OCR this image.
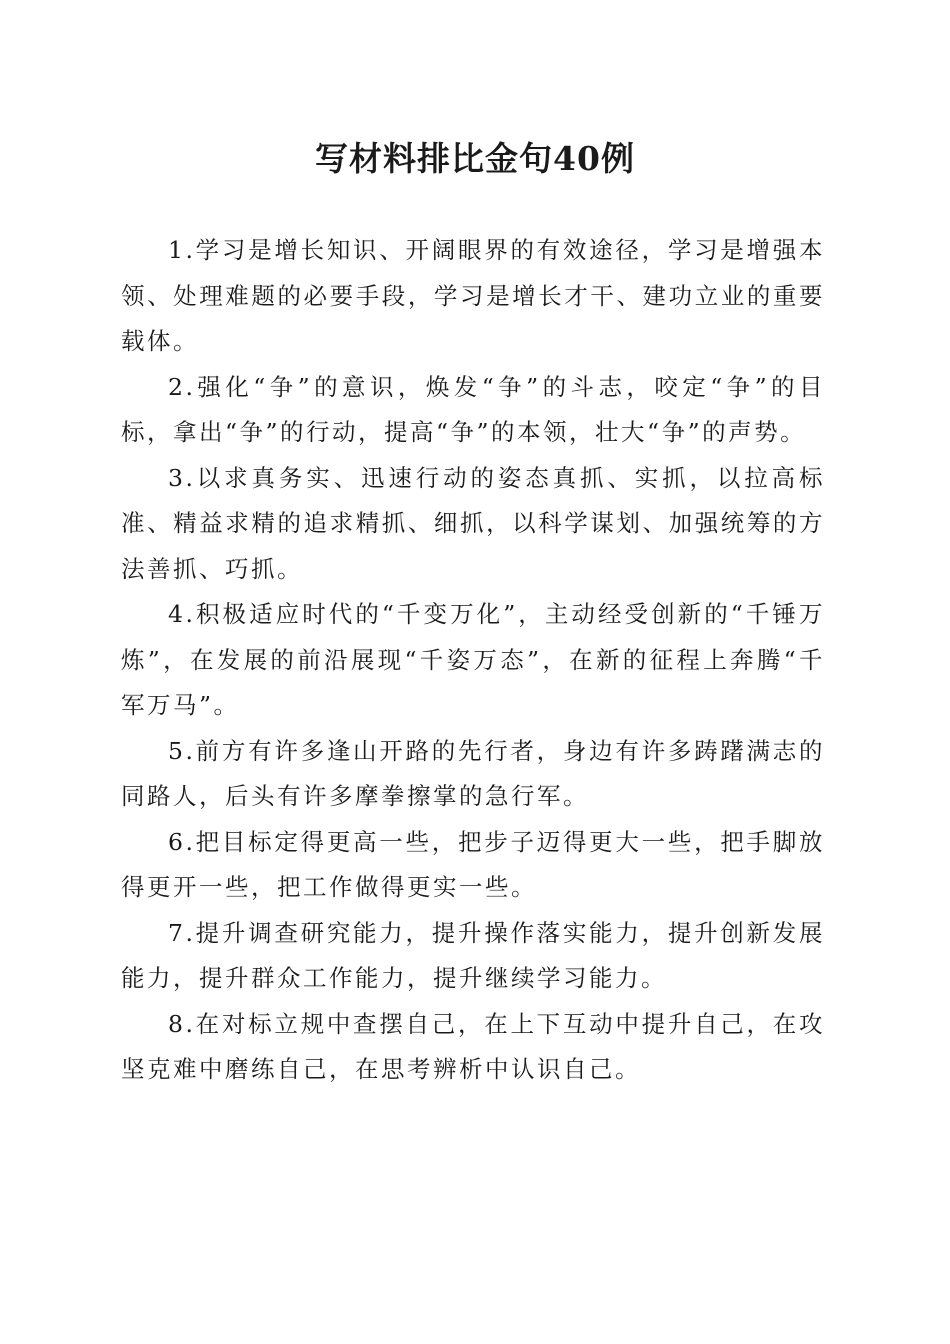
写材料排比金句40例

1.学习是增长知识、开阔眼界的有效途径，学习是增强本领、处理难题的必要手段，学习是增长才干、建功立业的重要载体。

2.强化“争”的意识，焕发“争”的斗志，咬定“争”的目标，拿出“争”的行动，提高“争”的本领，壮大“争”的声势。

3.以求真务实、迅速行动的姿态真抓、实抓，以拉高标准、精益求精的追求精抓、细抓，以科学谋划、加强统筹的方法善抓、巧抓。

4.积极适应时代的“千变万化”，主动经受创新的“千锤万炼”，在发展的前沿展现“千姿万态”，在新的征程上奔腾“千军万马”。

5.前方有许多逢山开路的先行者，身边有许多踌躇满志的同路人，后头有许多摩拳擦掌的急行军。

6.把目标定得更高一些，把步子迈得更大一些，把手脚放得更开一些，把工作做得更实一些。

7.提升调查研究能力，提升操作落实能力，提升创新发展能力，提升群众工作能力，提升继续学习能力。

8.在对标立规中查摆自己，在上下互动中提升自己，在攻坚克难中磨练自己，在思考辨析中认识自己。
